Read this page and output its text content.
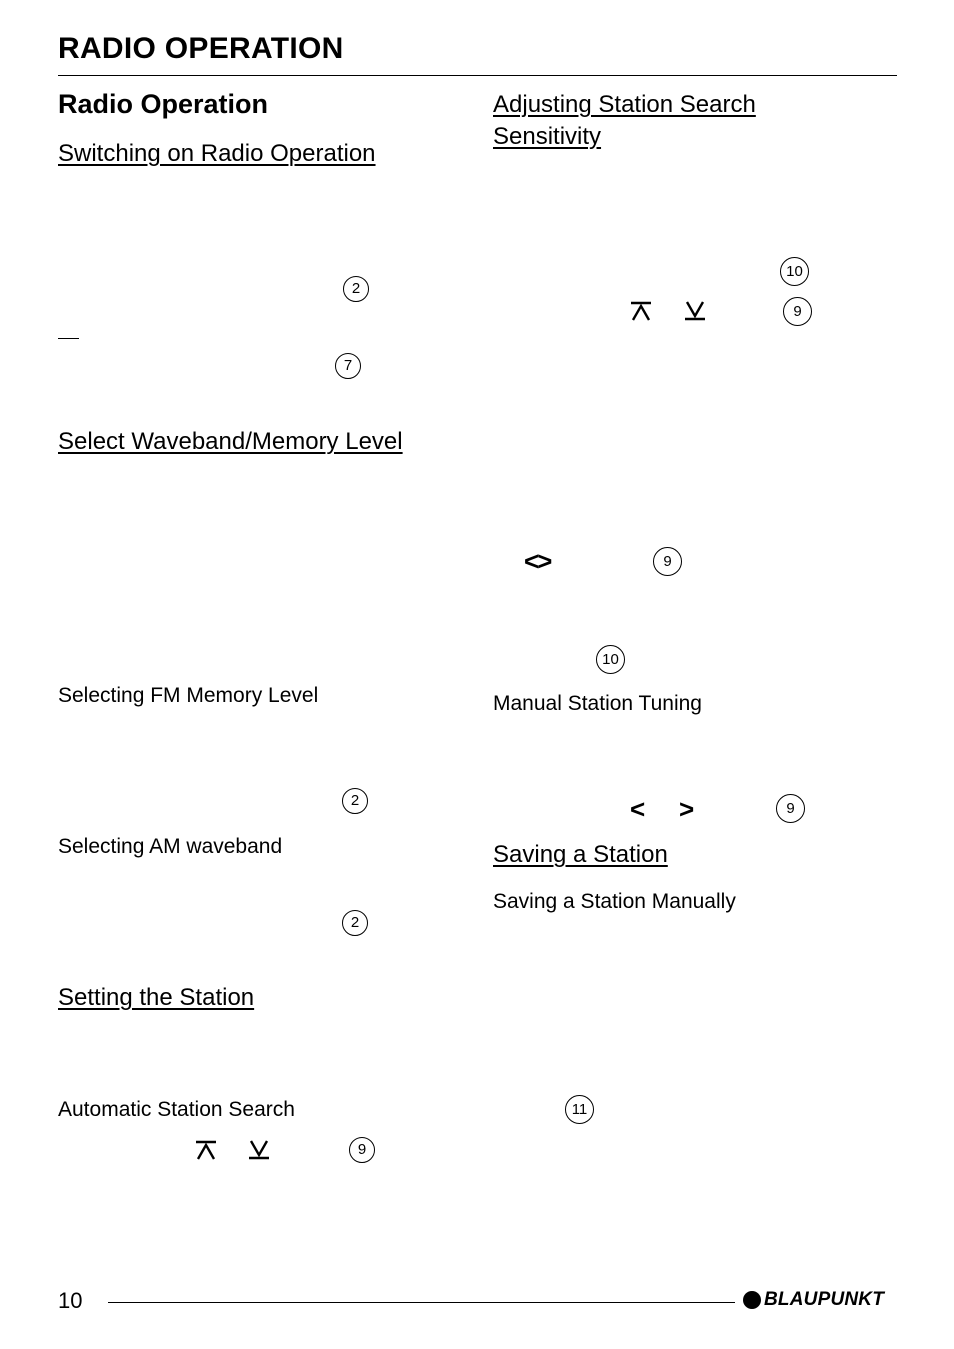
RADIO OPERATION
Radio Operation
Switching on Radio Operation
2
7
Select Waveband/Memory Level
Selecting FM Memory Level
2
Selecting AM waveband
2
Setting the Station
Automatic Station Search
9
Adjusting Station Search Sensitivity
10
9
<>	9
10
Manual Station Tuning
< >	9
Saving a Station
Saving a Station Manually
11
10	BLAUPUNKT
